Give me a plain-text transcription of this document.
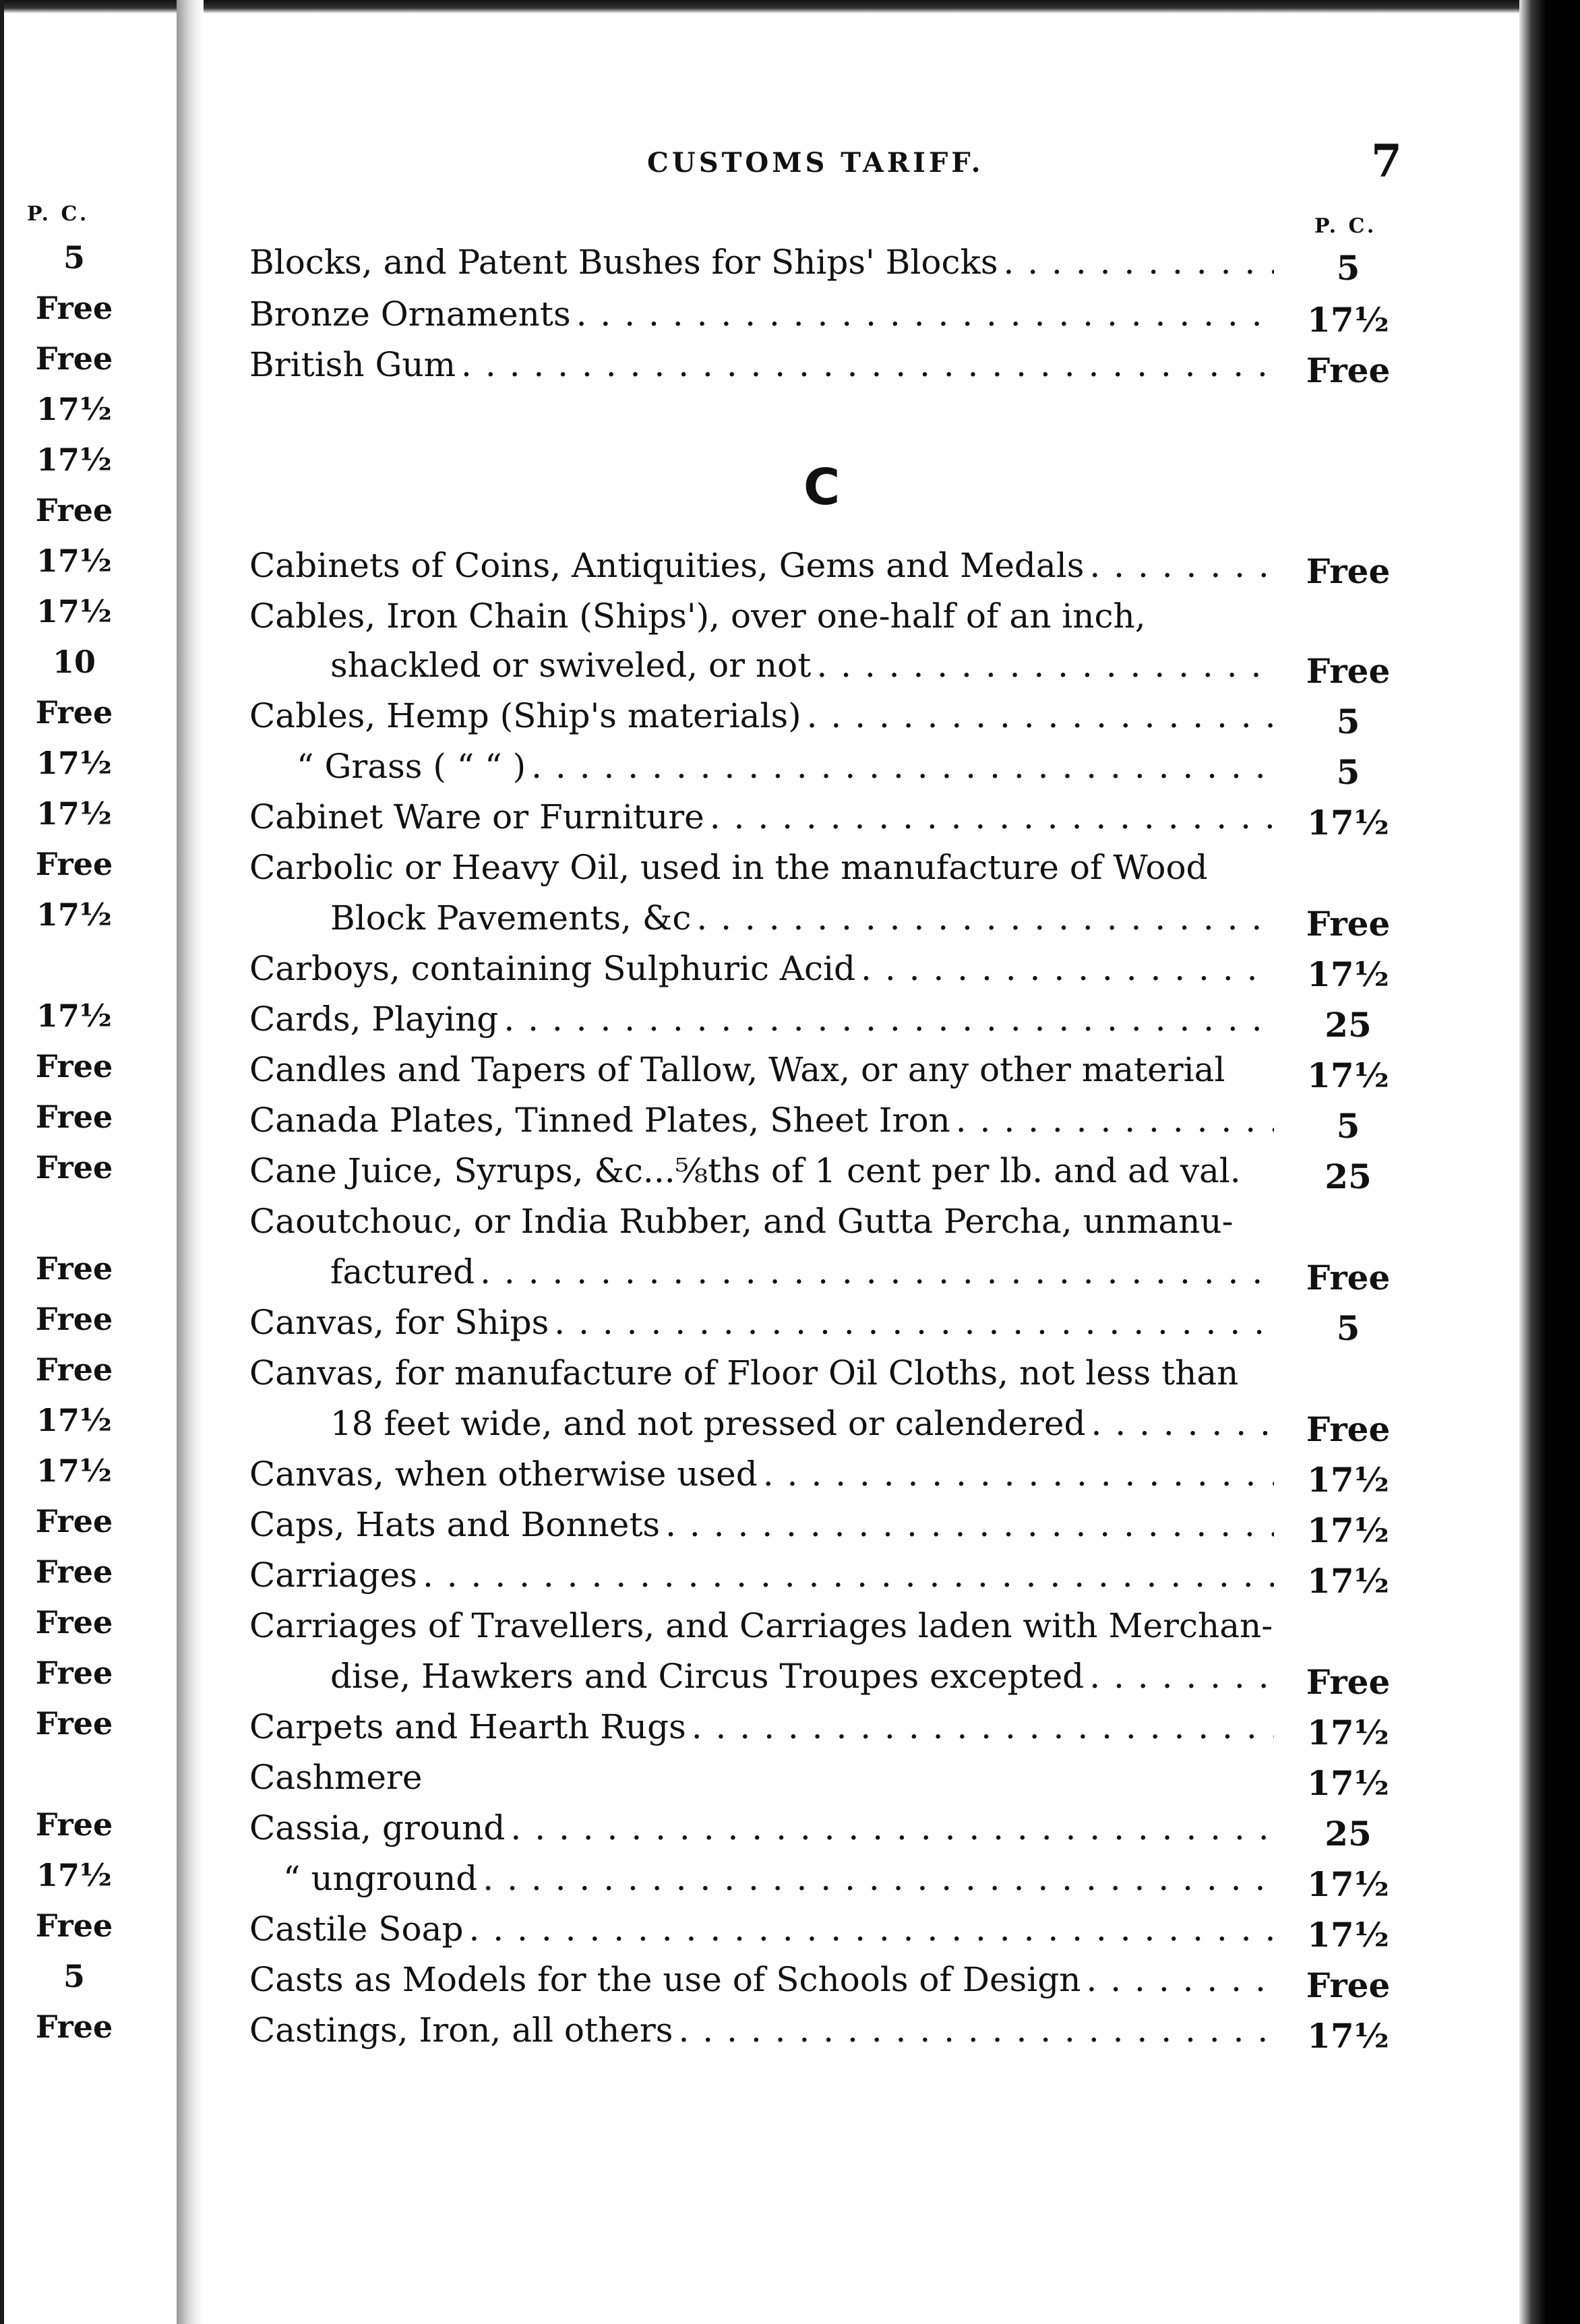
P. C.
5
Free
Free
17½
17½
Free
17½
17½
10
Free
17½
17½
Free
17½
17½
Free
Free
Free
Free
Free
Free
17½
17½
Free
Free
Free
Free
Free
Free
17½
Free
5
Free
CUSTOMS TARIFF.	7
P. C.
C
Blocks, and Patent Bushes for Ships' Blocks . . .	5
Bronze Ornaments . . .	17½
British Gum . . .	Free
Cabinets of Coins, Antiquities, Gems and Medals . . .	Free
Cables, Iron Chain (Ships'), over one-half of an inch,
shackled or swiveled, or not . . .	Free
Cables, Hemp (Ship's materials) . . .	5
“ Grass ( “ “ ) . . .	5
Cabinet Ware or Furniture . . .	17½
Carbolic or Heavy Oil, used in the manufacture of Wood
Block Pavements, &c . . .	Free
Carboys, containing Sulphuric Acid . . .	17½
Cards, Playing . . .	25
Candles and Tapers of Tallow, Wax, or any other material	17½
Canada Plates, Tinned Plates, Sheet Iron . . .	5
Cane Juice, Syrups, &c...⅝ths of 1 cent per lb. and ad val.	25
Caoutchouc, or India Rubber, and Gutta Percha, unmanu-
factured . . .	Free
Canvas, for Ships . . .	5
Canvas, for manufacture of Floor Oil Cloths, not less than
18 feet wide, and not pressed or calendered . . .	Free
Canvas, when otherwise used . . .	17½
Caps, Hats and Bonnets . . .	17½
Carriages . . .	17½
Carriages of Travellers, and Carriages laden with Merchan-
dise, Hawkers and Circus Troupes excepted . . .	Free
Carpets and Hearth Rugs . . .	17½
Cashmere	17½
Cassia, ground . . .	25
“ unground . . .	17½
Castile Soap . . .	17½
Casts as Models for the use of Schools of Design . . .	Free
Castings, Iron, all others . . .	17½
